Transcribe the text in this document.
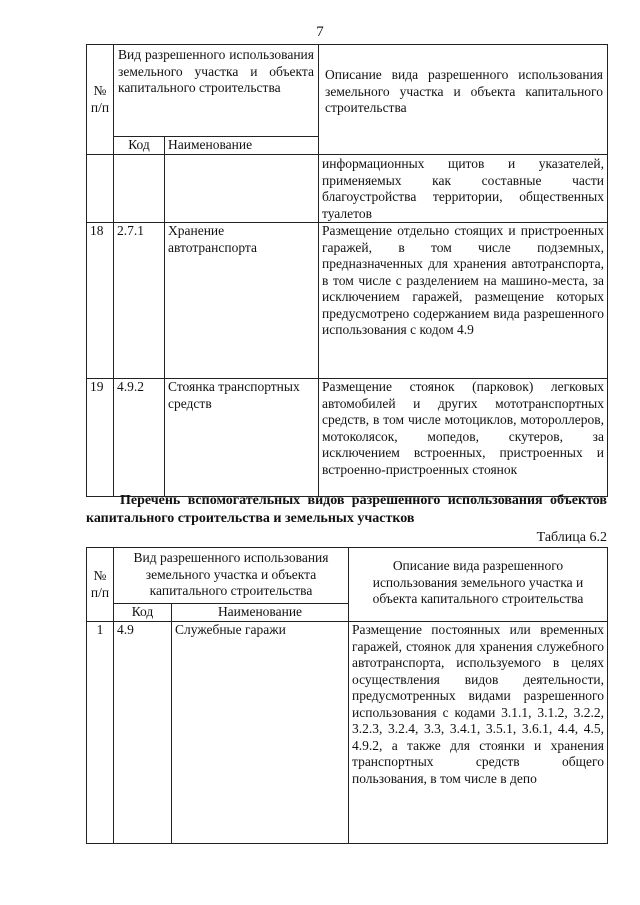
7
№ п/п	Вид разрешенного использования земельного участка и объекта капитального строительства		Описание вида разрешенного использования земельного участка и объекта капитального строительства
	Код	Наименование	
			информационных щитов и указателей, применяемых как составные части благоустройства территории, общественных туалетов
18	2.7.1	Хранение автотранспорта	Размещение отдельно стоящих и пристроенных гаражей, в том числе подземных, предназначенных для хранения автотранспорта, в том числе с разделением на машино-места, за исключением гаражей, размещение которых предусмотрено содержанием вида разрешенного использования с кодом 4.9
19	4.9.2	Стоянка транспортных средств	Размещение стоянок (парковок) легковых автомобилей и других мототранспортных средств, в том числе мотоциклов, мотороллеров, мотоколясок, мопедов, скутеров, за исключением встроенных, пристроенных и встроенно-пристроенных стоянок
Перечень вспомогательных видов разрешенного использования объектов капитального строительства и земельных участков
Таблица 6.2
№ п/п	Вид разрешенного использования земельного участка и объекта капитального строительства		Описание вида разрешенного использования земельного участка и объекта капитального строительства
	Код	Наименование	
1	4.9	Служебные гаражи	Размещение постоянных или временных гаражей, стоянок для хранения служебного автотранспорта, используемого в целях осуществления видов деятельности, предусмотренных видами разрешенного использования с кодами 3.1.1, 3.1.2, 3.2.2, 3.2.3, 3.2.4, 3.3, 3.4.1, 3.5.1, 3.6.1, 4.4, 4.5, 4.9.2, а также для стоянки и хранения транспортных средств общего пользования, в том числе в депо
